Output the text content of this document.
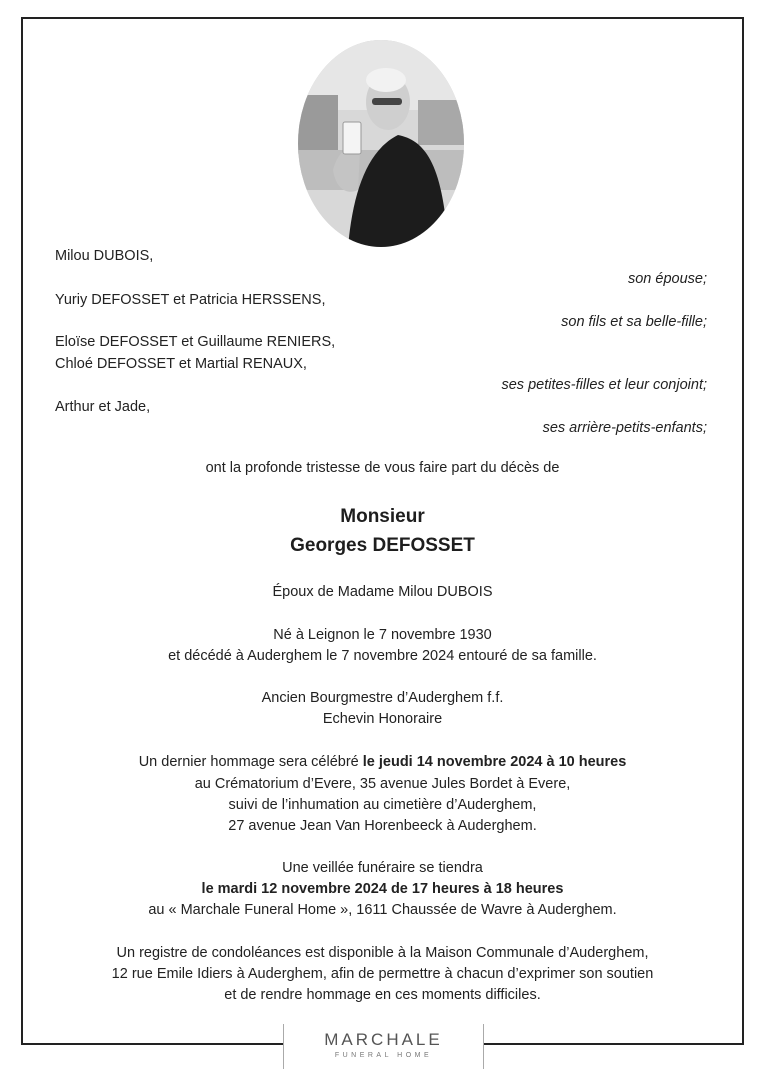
Milou DUBOIS,
son épouse;
Yuriy DEFOSSET et Patricia HERSSENS,
son fils et sa belle-fille;
Eloïse DEFOSSET et Guillaume RENIERS,
Chloé DEFOSSET et Martial RENAUX,
ses petites-filles et leur conjoint;
Arthur et Jade,
ses arrière-petits-enfants;
ont la profonde tristesse de vous faire part du décès de
Monsieur
Georges DEFOSSET
Époux de Madame Milou DUBOIS
Né à Leignon le 7 novembre 1930
et décédé à Auderghem le 7 novembre 2024 entouré de sa famille.
Ancien Bourgmestre d’Auderghem f.f.
Echevin Honoraire
Un dernier hommage sera célébré le jeudi 14 novembre 2024 à 10 heures
au Crématorium d’Evere, 35 avenue Jules Bordet à Evere,
suivi de l’inhumation au cimetière d’Auderghem,
27 avenue Jean Van Horenbeeck à Auderghem.
Une veillée funéraire se tiendra
le mardi 12 novembre 2024 de 17 heures à 18 heures
au « Marchale Funeral Home », 1611 Chaussée de Wavre à Auderghem.
Un registre de condoléances est disponible à la Maison Communale d’Auderghem,
12 rue Emile Idiers à Auderghem, afin de permettre à chacun d’exprimer son soutien
et de rendre hommage en ces moments difficiles.
MARCHALE
FUNERAL HOME
